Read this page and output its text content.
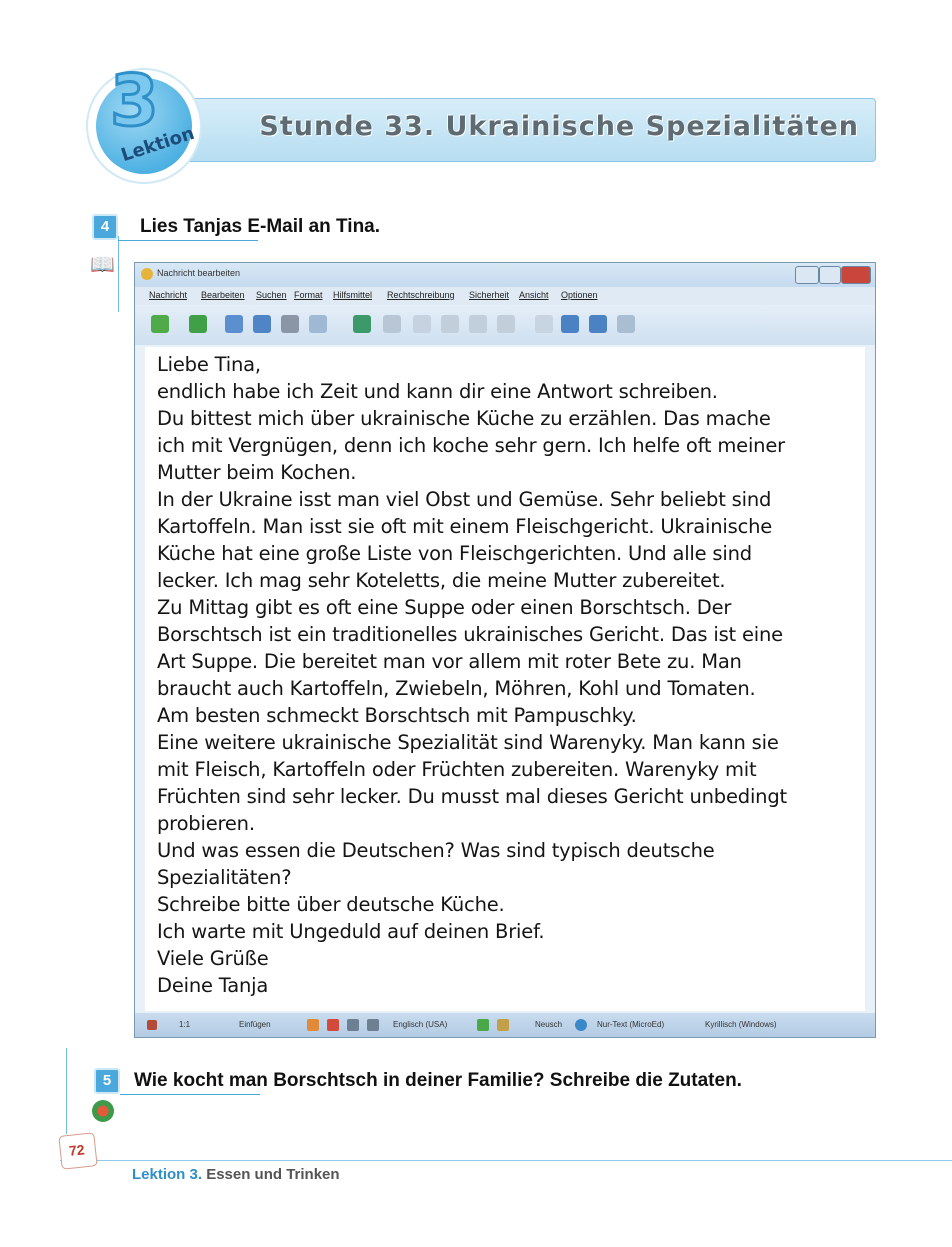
Stunde 33. Ukrainische Spezialitäten
3
Lektion
4	Lies Tanjas E-Mail an Tina.
📖	Nachricht bearbeiten
Nachricht Bearbeiten Suchen Format Hilfsmittel Rechtschreibung Sicherheit Ansicht Optionen
Liebe Tina,
endlich habe ich Zeit und kann dir eine Antwort schreiben.
Du bittest mich über ukrainische Küche zu erzählen. Das mache
ich mit Vergnügen, denn ich koche sehr gern. Ich helfe oft meiner
Mutter beim Kochen.
In der Ukraine isst man viel Obst und Gemüse. Sehr beliebt sind
Kartoffeln. Man isst sie oft mit einem Fleischgericht. Ukrainische
Küche hat eine große Liste von Fleischgerichten. Und alle sind
lecker. Ich mag sehr Koteletts, die meine Mutter zubereitet.
Zu Mittag gibt es oft eine Suppe oder einen Borschtsch. Der
Borschtsch ist ein traditionelles ukrainisches Gericht. Das ist eine
Art Suppe. Die bereitet man vor allem mit roter Bete zu. Man
braucht auch Kartoffeln, Zwiebeln, Möhren, Kohl und Tomaten.
Am besten schmeckt Borschtsch mit Pampuschky.
Eine weitere ukrainische Spezialität sind Warenyky. Man kann sie
mit Fleisch, Kartoffeln oder Früchten zubereiten. Warenyky mit
Früchten sind sehr lecker. Du musst mal dieses Gericht unbedingt
probieren.
Und was essen die Deutschen? Was sind typisch deutsche
Spezialitäten?
Schreibe bitte über deutsche Küche.
Ich warte mit Ungeduld auf deinen Brief.
Viele Grüße
Deine Tanja
1:1	Einfügen	Englisch (USA)	Neusch	Nur-Text (MicroEd)	Kyrillisch (Windows)
5	Wie kocht man Borschtsch in deiner Familie? Schreibe die Zutaten.
72
Lektion 3. Essen und Trinken
